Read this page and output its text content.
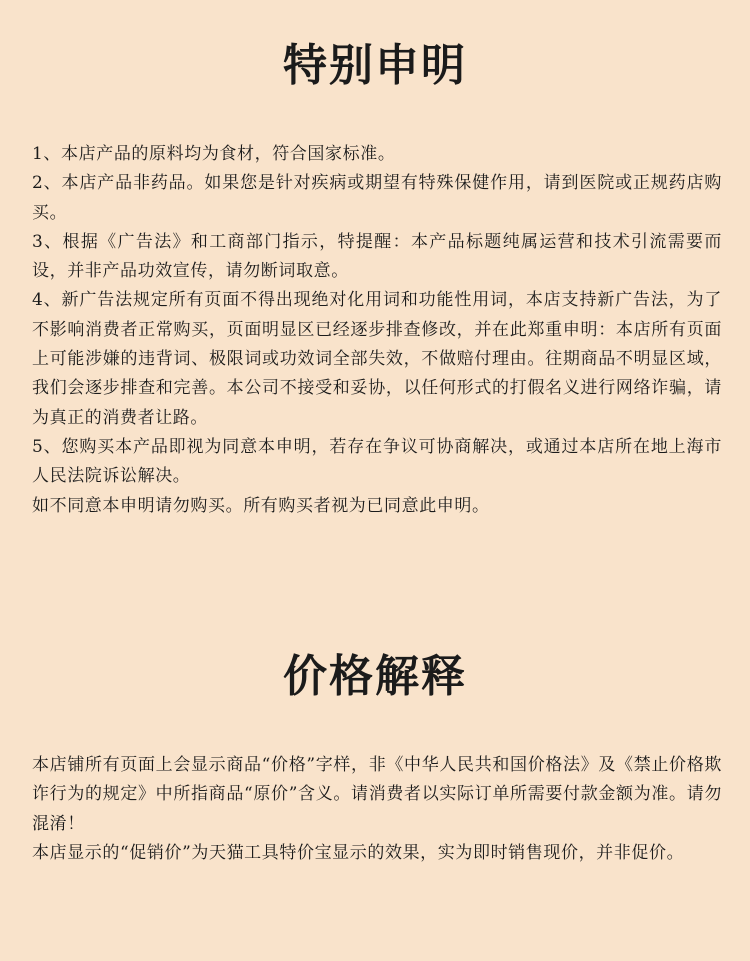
特别申明

1、本店产品的原料均为食材，符合国家标准。

2、本店产品非药品。如果您是针对疾病或期望有特殊保健作用，请到医院或正规药店购买。

3、根据《广告法》和工商部门指示，特提醒：本产品标题纯属运营和技术引流需要而设，并非产品功效宣传，请勿断词取意。

4、新广告法规定所有页面不得出现绝对化用词和功能性用词，本店支持新广告法，为了不影响消费者正常购买，页面明显区已经逐步排查修改，并在此郑重申明：本店所有页面上可能涉嫌的违背词、极限词或功效词全部失效，不做赔付理由。往期商品不明显区域，我们会逐步排查和完善。本公司不接受和妥协，以任何形式的打假名义进行网络诈骗，请为真正的消费者让路。

5、您购买本产品即视为同意本申明，若存在争议可协商解决，或通过本店所在地上海市人民法院诉讼解决。

如不同意本申明请勿购买。所有购买者视为已同意此申明。

价格解释

本店铺所有页面上会显示商品“价格”字样，非《中华人民共和国价格法》及《禁止价格欺诈行为的规定》中所指商品“原价”含义。请消费者以实际订单所需要付款金额为准。请勿混淆！

本店显示的“促销价”为天猫工具特价宝显示的效果，实为即时销售现价，并非促价。
